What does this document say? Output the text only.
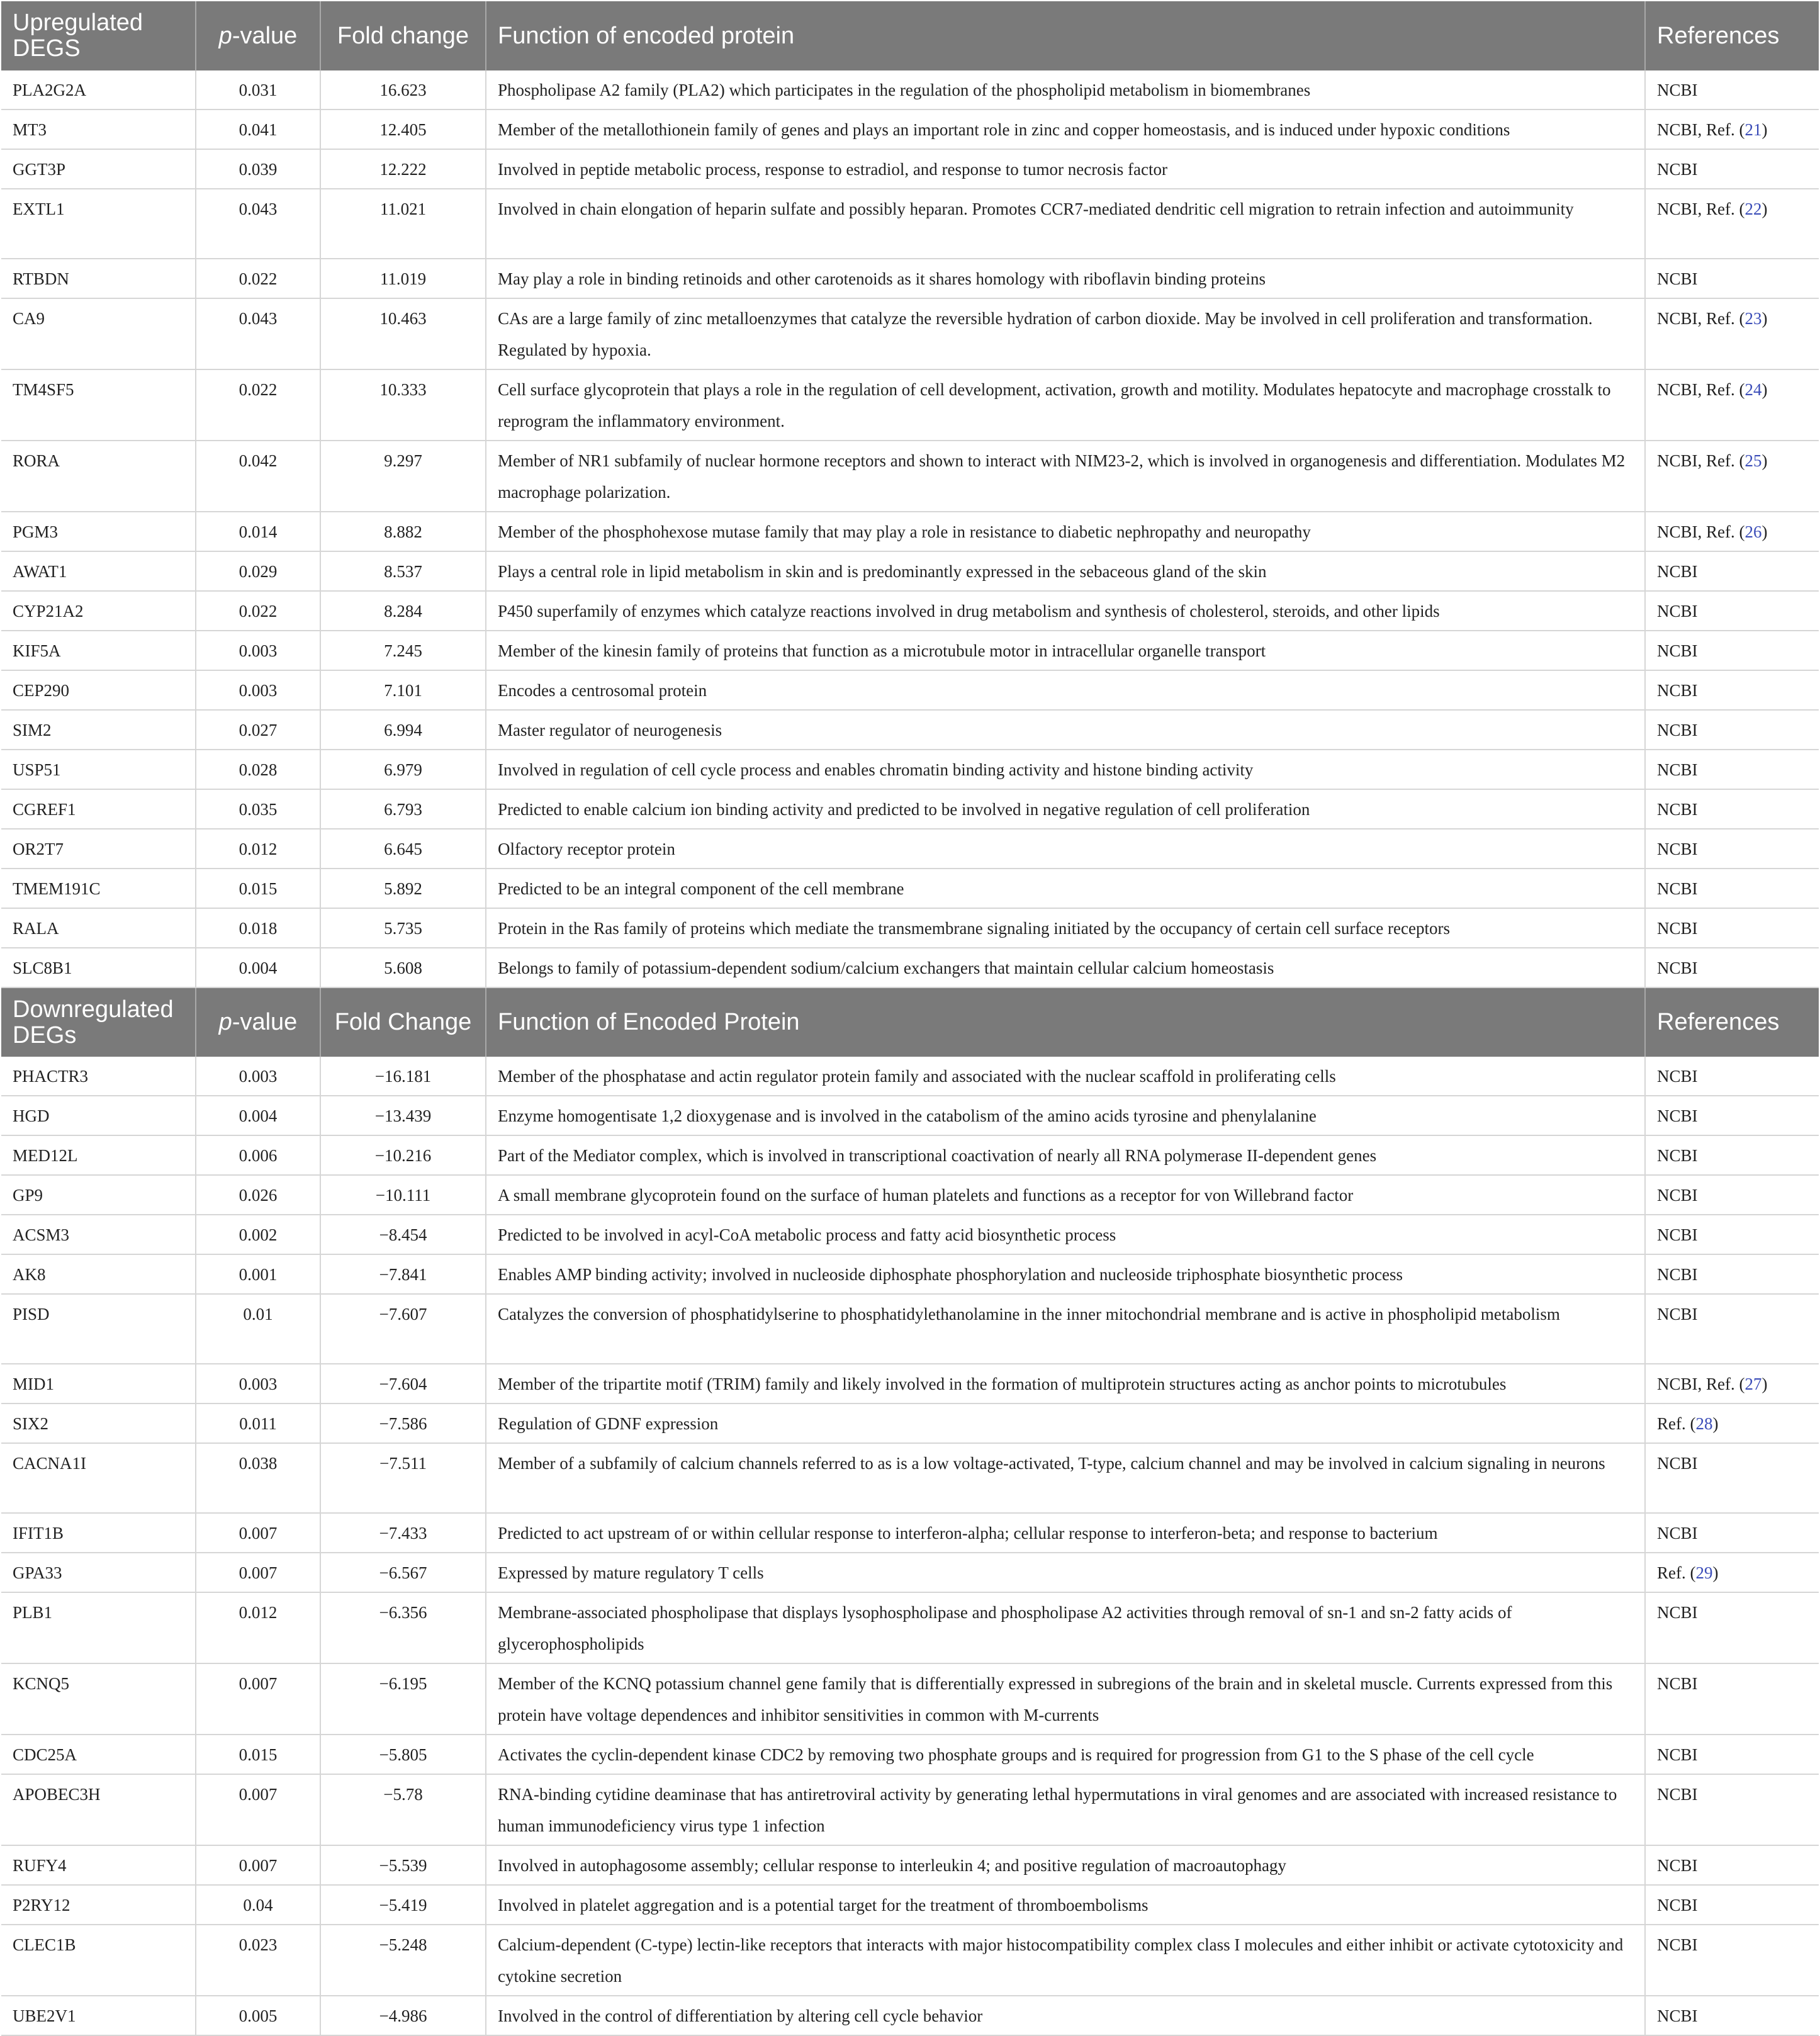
Upregulated DEGS	p-value	Fold change	Function of encoded protein	References
PLA2G2A	0.031	16.623	Phospholipase A2 family (PLA2) which participates in the regulation of the phospholipid metabolism in biomembranes	NCBI
MT3	0.041	12.405	Member of the metallothionein family of genes and plays an important role in zinc and copper homeostasis, and is induced under hypoxic conditions	NCBI, Ref. (21)
GGT3P	0.039	12.222	Involved in peptide metabolic process, response to estradiol, and response to tumor necrosis factor	NCBI
EXTL1	0.043	11.021	Involved in chain elongation of heparin sulfate and possibly heparan. Promotes CCR7-mediated dendritic cell migration to retrain infection and autoimmunity	NCBI, Ref. (22)
RTBDN	0.022	11.019	May play a role in binding retinoids and other carotenoids as it shares homology with riboflavin binding proteins	NCBI
CA9	0.043	10.463	CAs are a large family of zinc metalloenzymes that catalyze the reversible hydration of carbon dioxide. May be involved in cell proliferation and transformation. Regulated by hypoxia.	NCBI, Ref. (23)
TM4SF5	0.022	10.333	Cell surface glycoprotein that plays a role in the regulation of cell development, activation, growth and motility. Modulates hepatocyte and macrophage crosstalk to reprogram the inflammatory environment.	NCBI, Ref. (24)
RORA	0.042	9.297	Member of NR1 subfamily of nuclear hormone receptors and shown to interact with NIM23-2, which is involved in organogenesis and differentiation. Modulates M2 macrophage polarization.	NCBI, Ref. (25)
PGM3	0.014	8.882	Member of the phosphohexose mutase family that may play a role in resistance to diabetic nephropathy and neuropathy	NCBI, Ref. (26)
AWAT1	0.029	8.537	Plays a central role in lipid metabolism in skin and is predominantly expressed in the sebaceous gland of the skin	NCBI
CYP21A2	0.022	8.284	P450 superfamily of enzymes which catalyze reactions involved in drug metabolism and synthesis of cholesterol, steroids, and other lipids	NCBI
KIF5A	0.003	7.245	Member of the kinesin family of proteins that function as a microtubule motor in intracellular organelle transport	NCBI
CEP290	0.003	7.101	Encodes a centrosomal protein	NCBI
SIM2	0.027	6.994	Master regulator of neurogenesis	NCBI
USP51	0.028	6.979	Involved in regulation of cell cycle process and enables chromatin binding activity and histone binding activity	NCBI
CGREF1	0.035	6.793	Predicted to enable calcium ion binding activity and predicted to be involved in negative regulation of cell proliferation	NCBI
OR2T7	0.012	6.645	Olfactory receptor protein	NCBI
TMEM191C	0.015	5.892	Predicted to be an integral component of the cell membrane	NCBI
RALA	0.018	5.735	Protein in the Ras family of proteins which mediate the transmembrane signaling initiated by the occupancy of certain cell surface receptors	NCBI
SLC8B1	0.004	5.608	Belongs to family of potassium-dependent sodium/calcium exchangers that maintain cellular calcium homeostasis	NCBI
Downregulated DEGs	p-value	Fold Change	Function of Encoded Protein	References
PHACTR3	0.003	−16.181	Member of the phosphatase and actin regulator protein family and associated with the nuclear scaffold in proliferating cells	NCBI
HGD	0.004	−13.439	Enzyme homogentisate 1,2 dioxygenase and is involved in the catabolism of the amino acids tyrosine and phenylalanine	NCBI
MED12L	0.006	−10.216	Part of the Mediator complex, which is involved in transcriptional coactivation of nearly all RNA polymerase II-dependent genes	NCBI
GP9	0.026	−10.111	A small membrane glycoprotein found on the surface of human platelets and functions as a receptor for von Willebrand factor	NCBI
ACSM3	0.002	−8.454	Predicted to be involved in acyl-CoA metabolic process and fatty acid biosynthetic process	NCBI
AK8	0.001	−7.841	Enables AMP binding activity; involved in nucleoside diphosphate phosphorylation and nucleoside triphosphate biosynthetic process	NCBI
PISD	0.01	−7.607	Catalyzes the conversion of phosphatidylserine to phosphatidylethanolamine in the inner mitochondrial membrane and is active in phospholipid metabolism	NCBI
MID1	0.003	−7.604	Member of the tripartite motif (TRIM) family and likely involved in the formation of multiprotein structures acting as anchor points to microtubules	NCBI, Ref. (27)
SIX2	0.011	−7.586	Regulation of GDNF expression	Ref. (28)
CACNA1I	0.038	−7.511	Member of a subfamily of calcium channels referred to as is a low voltage-activated, T-type, calcium channel and may be involved in calcium signaling in neurons	NCBI
IFIT1B	0.007	−7.433	Predicted to act upstream of or within cellular response to interferon-alpha; cellular response to interferon-beta; and response to bacterium	NCBI
GPA33	0.007	−6.567	Expressed by mature regulatory T cells	Ref. (29)
PLB1	0.012	−6.356	Membrane-associated phospholipase that displays lysophospholipase and phospholipase A2 activities through removal of sn-1 and sn-2 fatty acids of glycerophospholipids	NCBI
KCNQ5	0.007	−6.195	Member of the KCNQ potassium channel gene family that is differentially expressed in subregions of the brain and in skeletal muscle. Currents expressed from this protein have voltage dependences and inhibitor sensitivities in common with M-currents	NCBI
CDC25A	0.015	−5.805	Activates the cyclin-dependent kinase CDC2 by removing two phosphate groups and is required for progression from G1 to the S phase of the cell cycle	NCBI
APOBEC3H	0.007	−5.78	RNA-binding cytidine deaminase that has antiretroviral activity by generating lethal hypermutations in viral genomes and are associated with increased resistance to human immunodeficiency virus type 1 infection	NCBI
RUFY4	0.007	−5.539	Involved in autophagosome assembly; cellular response to interleukin 4; and positive regulation of macroautophagy	NCBI
P2RY12	0.04	−5.419	Involved in platelet aggregation and is a potential target for the treatment of thromboembolisms	NCBI
CLEC1B	0.023	−5.248	Calcium-dependent (C-type) lectin-like receptors that interacts with major histocompatibility complex class I molecules and either inhibit or activate cytotoxicity and cytokine secretion	NCBI
UBE2V1	0.005	−4.986	Involved in the control of differentiation by altering cell cycle behavior	NCBI
